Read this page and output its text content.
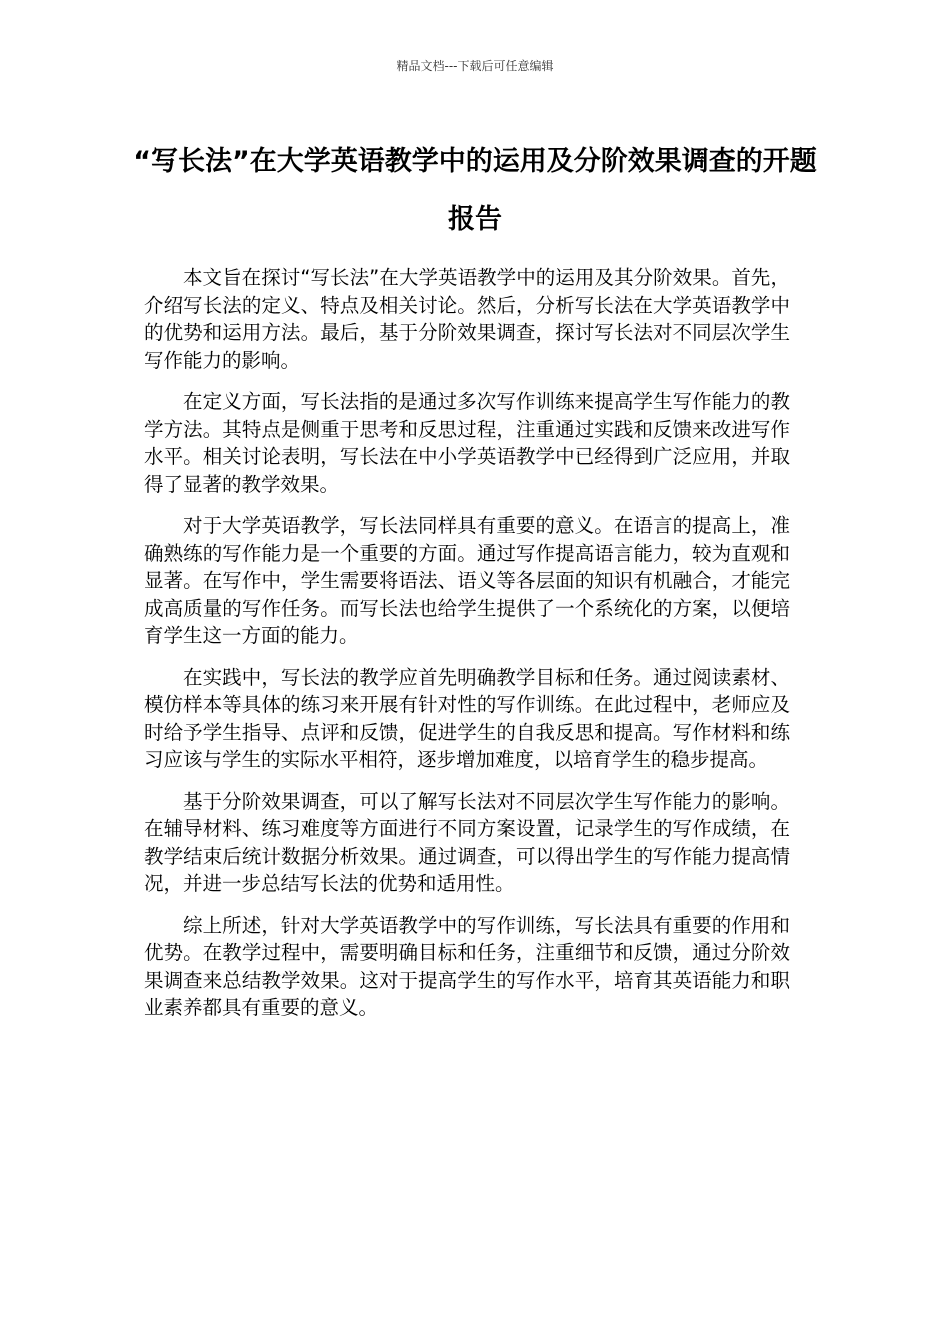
精品文档---下载后可任意编辑
“写长法”在大学英语教学中的运用及分阶效果调查的开题报告

本文旨在探讨“写长法”在大学英语教学中的运用及其分阶效果。首先，介绍写长法的定义、特点及相关讨论。然后，分析写长法在大学英语教学中的优势和运用方法。最后，基于分阶效果调查，探讨写长法对不同层次学生写作能力的影响。

在定义方面，写长法指的是通过多次写作训练来提高学生写作能力的教学方法。其特点是侧重于思考和反思过程，注重通过实践和反馈来改进写作水平。相关讨论表明，写长法在中小学英语教学中已经得到广泛应用，并取得了显著的教学效果。

对于大学英语教学，写长法同样具有重要的意义。在语言的提高上，准确熟练的写作能力是一个重要的方面。通过写作提高语言能力，较为直观和显著。在写作中，学生需要将语法、语义等各层面的知识有机融合，才能完成高质量的写作任务。而写长法也给学生提供了一个系统化的方案，以便培育学生这一方面的能力。

在实践中，写长法的教学应首先明确教学目标和任务。通过阅读素材、模仿样本等具体的练习来开展有针对性的写作训练。在此过程中，老师应及时给予学生指导、点评和反馈，促进学生的自我反思和提高。写作材料和练习应该与学生的实际水平相符，逐步增加难度，以培育学生的稳步提高。

基于分阶效果调查，可以了解写长法对不同层次学生写作能力的影响。在辅导材料、练习难度等方面进行不同方案设置，记录学生的写作成绩，在教学结束后统计数据分析效果。通过调查，可以得出学生的写作能力提高情况，并进一步总结写长法的优势和适用性。

综上所述，针对大学英语教学中的写作训练，写长法具有重要的作用和优势。在教学过程中，需要明确目标和任务，注重细节和反馈，通过分阶效果调查来总结教学效果。这对于提高学生的写作水平，培育其英语能力和职业素养都具有重要的意义。
